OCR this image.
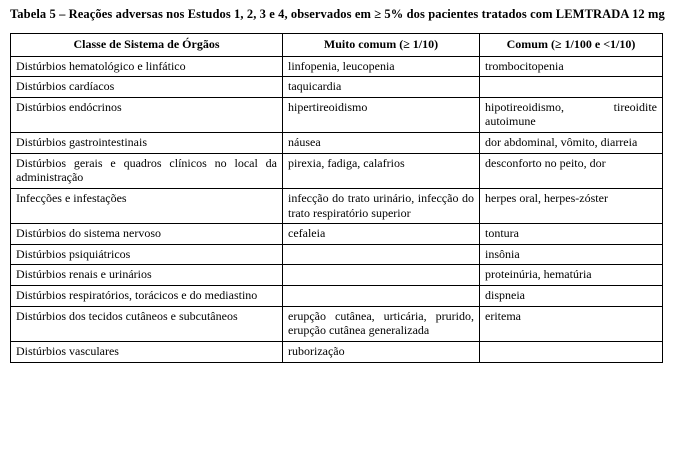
Tabela 5 – Reações adversas nos Estudos 1, 2, 3 e 4, observados em ≥ 5% dos pacientes tratados com LEMTRADA 12 mg

Classe de Sistema de Órgãos	Muito comum (≥ 1/10)	Comum (≥ 1/100 e <1/10)
Distúrbios hematológico e linfático	linfopenia, leucopenia	trombocitopenia
Distúrbios cardíacos	taquicardia	
Distúrbios endócrinos	hipertireoidismo	hipotireoidismo, tireoidite autoimune
Distúrbios gastrointestinais	náusea	dor abdominal, vômito, diarreia
Distúrbios gerais e quadros clínicos no local da administração	pirexia, fadiga, calafrios	desconforto no peito, dor
Infecções e infestações	infecção do trato urinário, infecção do trato respiratório superior	herpes oral, herpes-zóster
Distúrbios do sistema nervoso	cefaleia	tontura
Distúrbios psiquiátricos		insônia
Distúrbios renais e urinários		proteinúria, hematúria
Distúrbios respiratórios, torácicos e do mediastino		dispneia
Distúrbios dos tecidos cutâneos e subcutâneos	erupção cutânea, urticária, prurido, erupção cutânea generalizada	eritema
Distúrbios vasculares	ruborização	
